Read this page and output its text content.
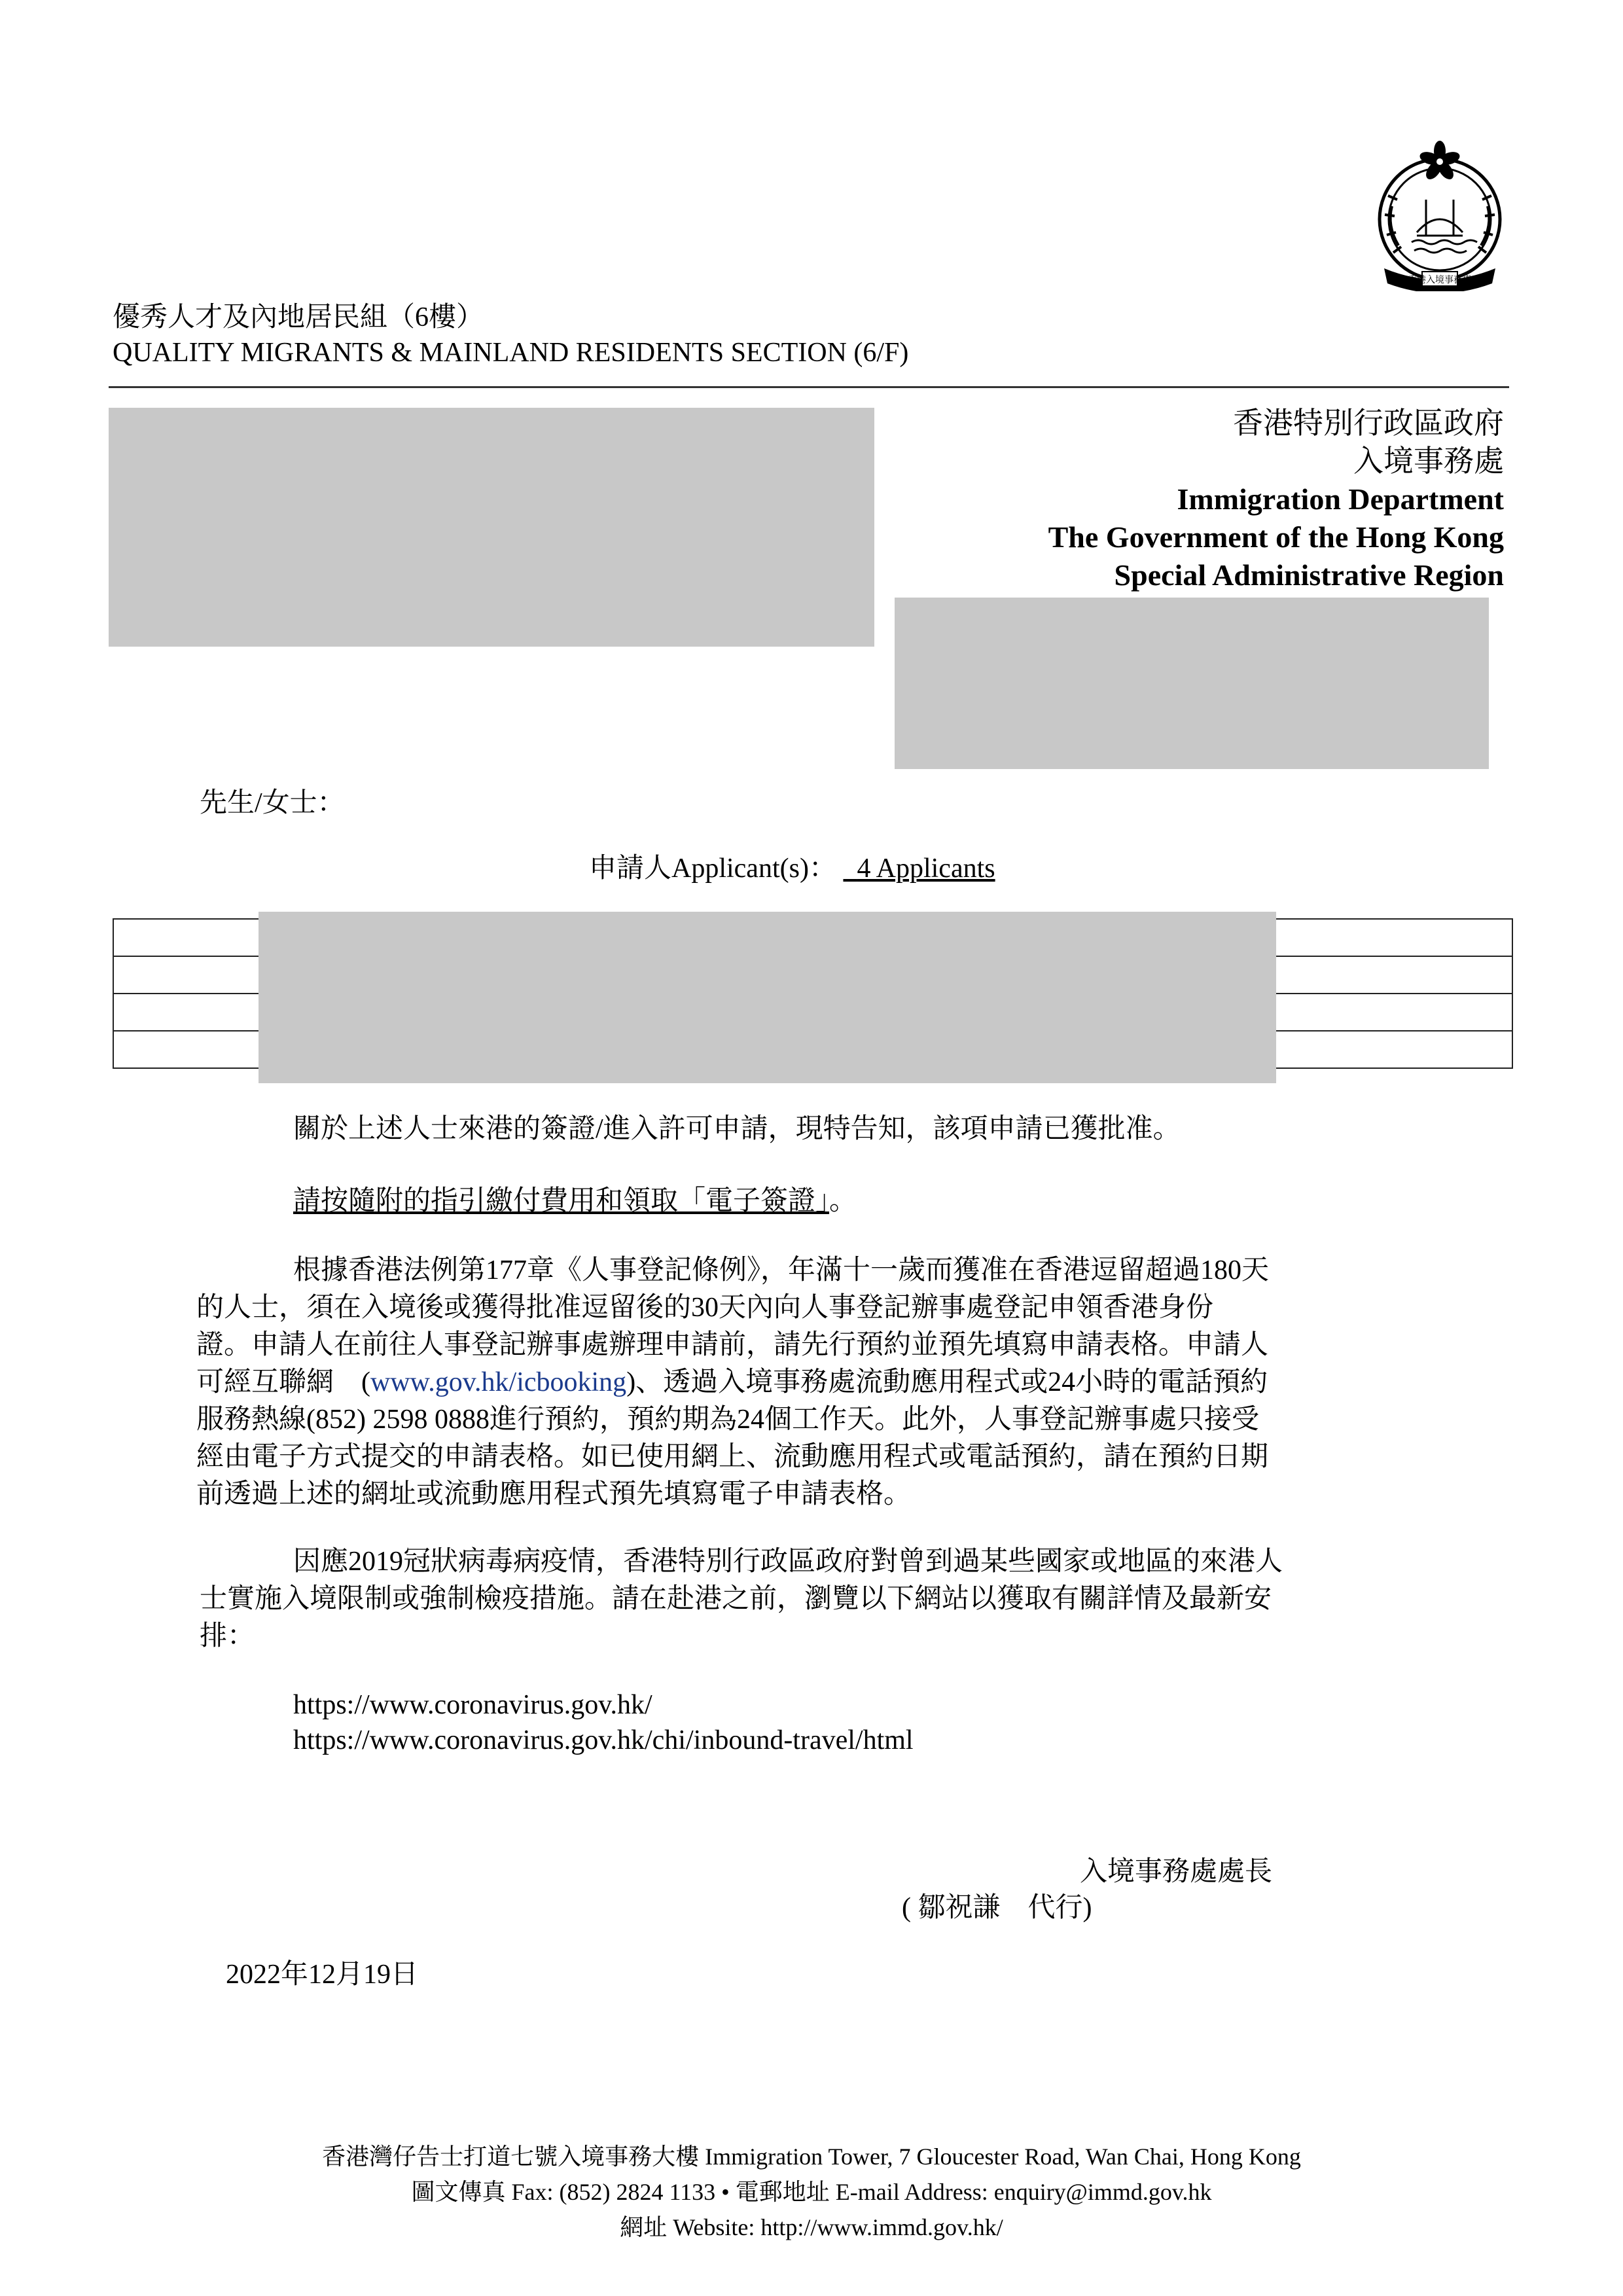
香港入境事務處
優秀人才及內地居民組（6樓）
QUALITY MIGRANTS & MAINLAND RESIDENTS SECTION (6/F)
香港特別行政區政府
入境事務處
Immigration Department
The Government of the Hong Kong
Special Administrative Region
先生/女士：
申請人Applicant(s)： 4 Applicants

關於上述人士來港的簽證/進入許可申請，現特告知，該項申請已獲批准。
請按隨附的指引繳付費用和領取「電子簽證」。

根據香港法例第177章《人事登記條例》，年滿十一歲而獲准在香港逗留超過180天

的人士，須在入境後或獲得批准逗留後的30天內向人事登記辦事處登記申領香港身份

證。申請人在前往人事登記辦事處辦理申請前，請先行預約並預先填寫申請表格。申請人

可經互聯網　(www.gov.hk/icbooking)、透過入境事務處流動應用程式或24小時的電話預約

服務熱線(852) 2598 0888進行預約，預約期為24個工作天。此外，人事登記辦事處只接受

經由電子方式提交的申請表格。如已使用網上、流動應用程式或電話預約，請在預約日期

前透過上述的網址或流動應用程式預先填寫電子申請表格。

因應2019冠狀病毒病疫情，香港特別行政區政府對曾到過某些國家或地區的來港人

士實施入境限制或強制檢疫措施。請在赴港之前，瀏覽以下網站以獲取有關詳情及最新安

排：

https://www.coronavirus.gov.hk/
https://www.coronavirus.gov.hk/chi/inbound-travel/html
入境事務處處長
( 鄒祝謙　代行)
2022年12月19日
香港灣仔告士打道七號入境事務大樓 Immigration Tower, 7 Gloucester Road, Wan Chai, Hong Kong
圖文傳真 Fax: (852) 2824 1133 • 電郵地址 E-mail Address: enquiry@immd.gov.hk
網址 Website: http://www.immd.gov.hk/
